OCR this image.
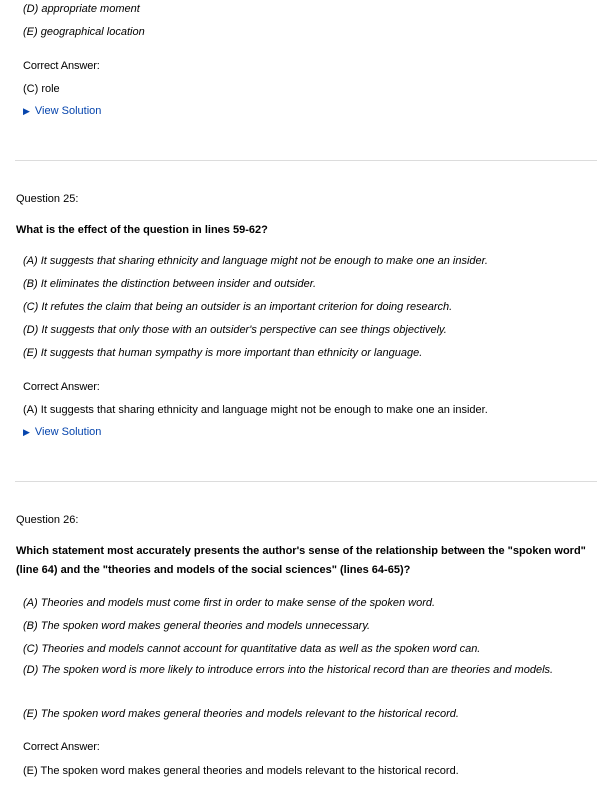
(D) appropriate moment
(E) geographical location
Correct Answer:
(C) role
▶ View Solution
Question 25:
What is the effect of the question in lines 59-62?
(A) It suggests that sharing ethnicity and language might not be enough to make one an insider.
(B) It eliminates the distinction between insider and outsider.
(C) It refutes the claim that being an outsider is an important criterion for doing research.
(D) It suggests that only those with an outsider's perspective can see things objectively.
(E) It suggests that human sympathy is more important than ethnicity or language.
Correct Answer:
(A) It suggests that sharing ethnicity and language might not be enough to make one an insider.
▶ View Solution
Question 26:
Which statement most accurately presents the author's sense of the relationship between the "spoken word" (line 64) and the "theories and models of the social sciences" (lines 64-65)?
(A) Theories and models must come first in order to make sense of the spoken word.
(B) The spoken word makes general theories and models unnecessary.
(C) Theories and models cannot account for quantitative data as well as the spoken word can.
(D) The spoken word is more likely to introduce errors into the historical record than are theories and models.
(E) The spoken word makes general theories and models relevant to the historical record.
Correct Answer:
(E) The spoken word makes general theories and models relevant to the historical record.
